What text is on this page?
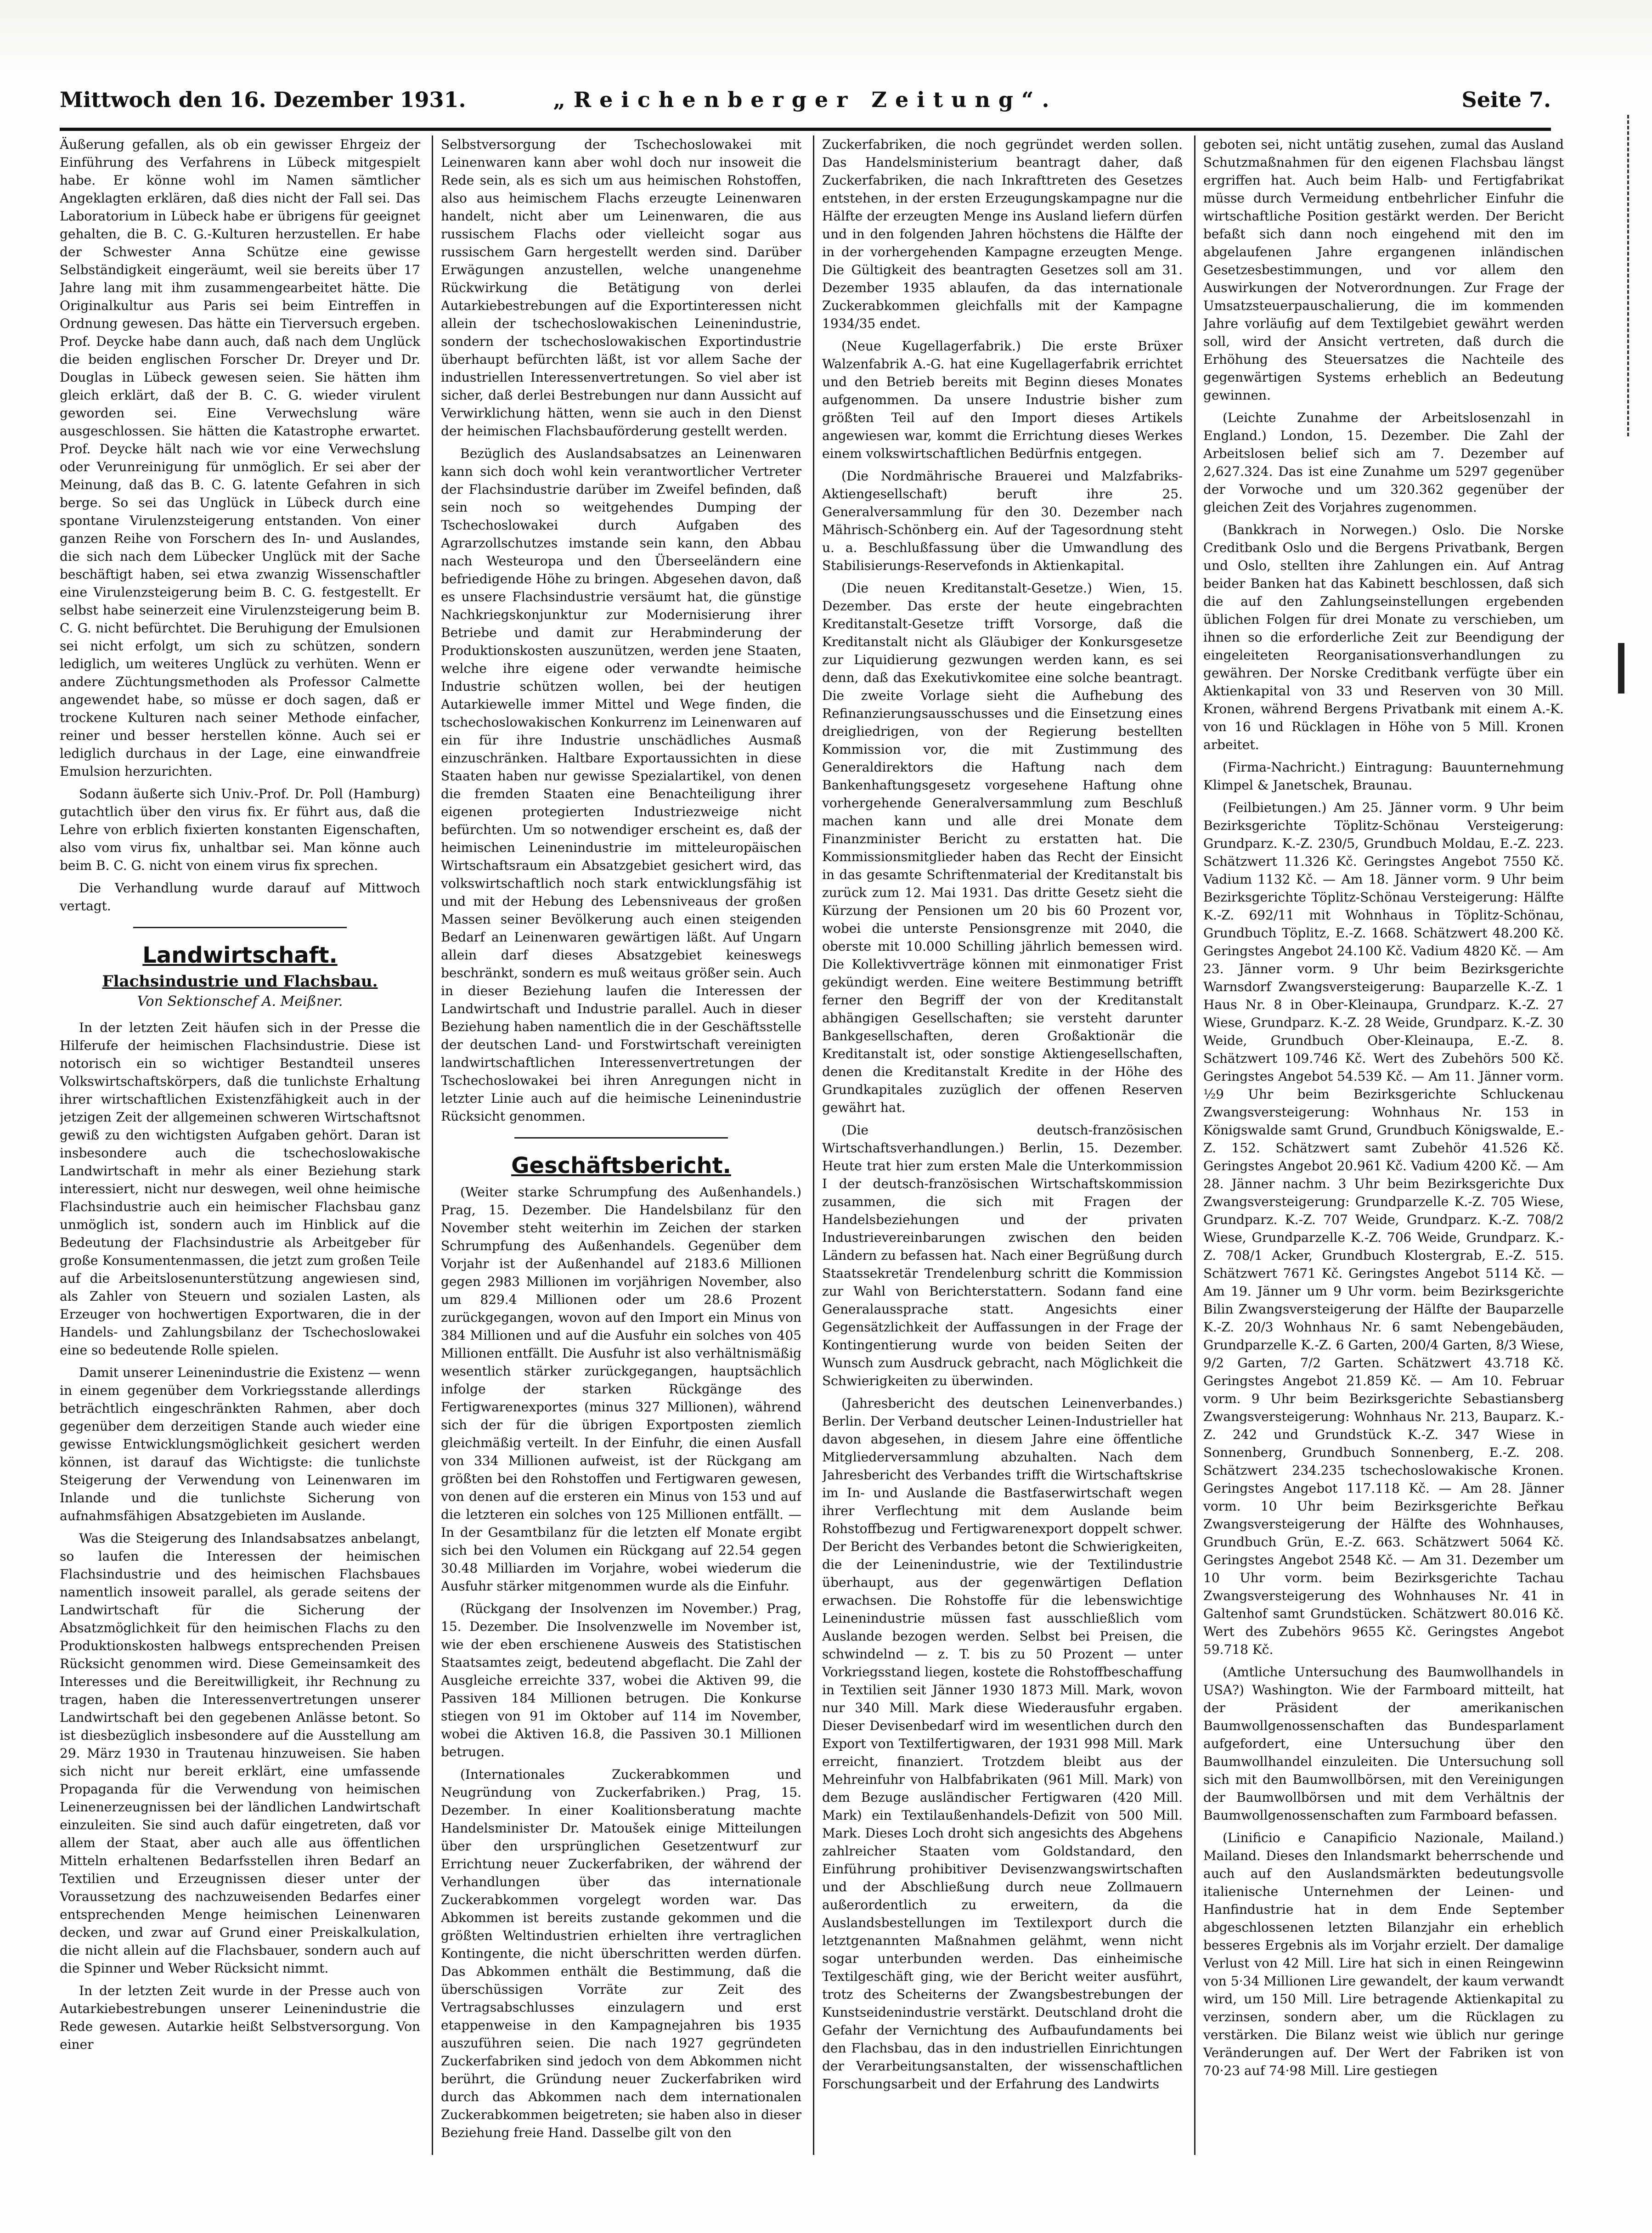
Mittwoch den 16. Dezember 1931.	„Reichenberger Zeitung“.	Seite 7.

Äußerung gefallen, als ob ein gewisser Ehrgeiz der Einführung des Verfahrens in Lübeck mitgespielt habe. Er könne wohl im Namen sämtlicher Angeklagten erklären, daß dies nicht der Fall sei. Das Laboratorium in Lübeck habe er übrigens für geeignet gehalten, die B. C. G.-Kulturen herzustellen. Er habe der Schwester Anna Schütze eine gewisse Selbständigkeit eingeräumt, weil sie bereits über 17 Jahre lang mit ihm zusammengearbeitet hätte. Die Originalkultur aus Paris sei beim Eintreffen in Ordnung gewesen. Das hätte ein Tierversuch ergeben. Prof. Deycke habe dann auch, daß nach dem Unglück die beiden englischen Forscher Dr. Dreyer und Dr. Douglas in Lübeck gewesen seien. Sie hätten ihm gleich erklärt, daß der B. C. G. wieder virulent geworden sei. Eine Verwechslung wäre ausgeschlossen. Sie hätten die Katastrophe erwartet. Prof. Deycke hält nach wie vor eine Verwechslung oder Verunreinigung für unmöglich. Er sei aber der Meinung, daß das B. C. G. latente Gefahren in sich berge. So sei das Unglück in Lübeck durch eine spontane Virulenzsteigerung entstanden. Von einer ganzen Reihe von Forschern des In- und Auslandes, die sich nach dem Lübecker Unglück mit der Sache beschäftigt haben, sei etwa zwanzig Wissenschaftler eine Virulenzsteigerung beim B. C. G. festgestellt. Er selbst habe seinerzeit eine Virulenzsteigerung beim B. C. G. nicht befürchtet. Die Beruhigung der Emulsionen sei nicht erfolgt, um sich zu schützen, sondern lediglich, um weiteres Unglück zu verhüten. Wenn er andere Züchtungsmethoden als Professor Calmette angewendet habe, so müsse er doch sagen, daß er trockene Kulturen nach seiner Methode einfacher, reiner und besser herstellen könne. Auch sei er lediglich durchaus in der Lage, eine einwandfreie Emulsion herzurichten.

Sodann äußerte sich Univ.-Prof. Dr. Poll (Hamburg) gutachtlich über den virus fix. Er führt aus, daß die Lehre von erblich fixierten konstanten Eigenschaften, also vom virus fix, unhaltbar sei. Man könne auch beim B. C. G. nicht von einem virus fix sprechen.

Die Verhandlung wurde darauf auf Mittwoch vertagt.

Landwirtschaft.
Flachsindustrie und Flachsbau.
Von Sektionschef A. Meißner.

In der letzten Zeit häufen sich in der Presse die Hilferufe der heimischen Flachsindustrie. Diese ist notorisch ein so wichtiger Bestandteil unseres Volkswirtschaftskörpers, daß die tunlichste Erhaltung ihrer wirtschaftlichen Existenzfähigkeit auch in der jetzigen Zeit der allgemeinen schweren Wirtschaftsnot gewiß zu den wichtigsten Aufgaben gehört. Daran ist insbesondere auch die tschechoslowakische Landwirtschaft in mehr als einer Beziehung stark interessiert, nicht nur deswegen, weil ohne heimische Flachsindustrie auch ein heimischer Flachsbau ganz unmöglich ist, sondern auch im Hinblick auf die Bedeutung der Flachsindustrie als Arbeitgeber für große Konsumentenmassen, die jetzt zum großen Teile auf die Arbeitslosenunterstützung angewiesen sind, als Zahler von Steuern und sozialen Lasten, als Erzeuger von hochwertigen Exportwaren, die in der Handels- und Zahlungsbilanz der Tschechoslowakei eine so bedeutende Rolle spielen.

Damit unserer Leinenindustrie die Existenz — wenn in einem gegenüber dem Vorkriegsstande allerdings beträchtlich eingeschränkten Rahmen, aber doch gegenüber dem derzeitigen Stande auch wieder eine gewisse Entwicklungsmöglichkeit gesichert werden können, ist darauf das Wichtigste: die tunlichste Steigerung der Verwendung von Leinenwaren im Inlande und die tunlichste Sicherung von aufnahmsfähigen Absatzgebieten im Auslande.

Was die Steigerung des Inlandsabsatzes anbelangt, so laufen die Interessen der heimischen Flachsindustrie und des heimischen Flachsbaues namentlich insoweit parallel, als gerade seitens der Landwirtschaft für die Sicherung der Absatzmöglichkeit für den heimischen Flachs zu den Produktionskosten halbwegs entsprechenden Preisen Rücksicht genommen wird. Diese Gemeinsamkeit des Interesses und die Bereitwilligkeit, ihr Rechnung zu tragen, haben die Interessenvertretungen unserer Landwirtschaft bei den gegebenen Anlässe betont. So ist diesbezüglich insbesondere auf die Ausstellung am 29. März 1930 in Trautenau hinzuweisen. Sie haben sich nicht nur bereit erklärt, eine umfassende Propaganda für die Verwendung von heimischen Leinenerzeugnissen bei der ländlichen Landwirtschaft einzuleiten. Sie sind auch dafür eingetreten, daß vor allem der Staat, aber auch alle aus öffentlichen Mitteln erhaltenen Bedarfsstellen ihren Bedarf an Textilien und Erzeugnissen dieser unter der Voraussetzung des nachzuweisenden Bedarfes einer entsprechenden Menge heimischen Leinenwaren decken, und zwar auf Grund einer Preiskalkulation, die nicht allein auf die Flachsbauer, sondern auch auf die Spinner und Weber Rücksicht nimmt.

In der letzten Zeit wurde in der Presse auch von Autarkiebestrebungen unserer Leinenindustrie die Rede gewesen. Autarkie heißt Selbstversorgung. Von einer

Selbstversorgung der Tschechoslowakei mit Leinenwaren kann aber wohl doch nur insoweit die Rede sein, als es sich um aus heimischen Rohstoffen, also aus heimischem Flachs erzeugte Leinenwaren handelt, nicht aber um Leinenwaren, die aus russischem Flachs oder vielleicht sogar aus russischem Garn hergestellt werden sind. Darüber Erwägungen anzustellen, welche unangenehme Rückwirkung die Betätigung von derlei Autarkiebestrebungen auf die Exportinteressen nicht allein der tschechoslowakischen Leinenindustrie, sondern der tschechoslowakischen Exportindustrie überhaupt befürchten läßt, ist vor allem Sache der industriellen Interessenvertretungen. So viel aber ist sicher, daß derlei Bestrebungen nur dann Aussicht auf Verwirklichung hätten, wenn sie auch in den Dienst der heimischen Flachsbauförderung gestellt werden.

Bezüglich des Auslandsabsatzes an Leinenwaren kann sich doch wohl kein verantwortlicher Vertreter der Flachsindustrie darüber im Zweifel befinden, daß sein noch so weitgehendes Dumping der Tschechoslowakei durch Aufgaben des Agrarzollschutzes imstande sein kann, den Abbau nach Westeuropa und den Überseeländern eine befriedigende Höhe zu bringen. Abgesehen davon, daß es unsere Flachsindustrie versäumt hat, die günstige Nachkriegskonjunktur zur Modernisierung ihrer Betriebe und damit zur Herabminderung der Produktionskosten auszunützen, werden jene Staaten, welche ihre eigene oder verwandte heimische Industrie schützen wollen, bei der heutigen Autarkiewelle immer Mittel und Wege finden, die tschechoslowakischen Konkurrenz im Leinenwaren auf ein für ihre Industrie unschädliches Ausmaß einzuschränken. Haltbare Exportaussichten in diese Staaten haben nur gewisse Spezialartikel, von denen die fremden Staaten eine Benachteiligung ihrer eigenen protegierten Industriezweige nicht befürchten. Um so notwendiger erscheint es, daß der heimischen Leinenindustrie im mitteleuropäischen Wirtschaftsraum ein Absatzgebiet gesichert wird, das volkswirtschaftlich noch stark entwicklungsfähig ist und mit der Hebung des Lebensniveaus der großen Massen seiner Bevölkerung auch einen steigenden Bedarf an Leinenwaren gewärtigen läßt. Auf Ungarn allein darf dieses Absatzgebiet keineswegs beschränkt, sondern es muß weitaus größer sein. Auch in dieser Beziehung laufen die Interessen der Landwirtschaft und Industrie parallel. Auch in dieser Beziehung haben namentlich die in der Geschäftsstelle der deutschen Land- und Forstwirtschaft vereinigten landwirtschaftlichen Interessenvertretungen der Tschechoslowakei bei ihren Anregungen nicht in letzter Linie auch auf die heimische Leinenindustrie Rücksicht genommen.

Geschäftsbericht.

(Weiter starke Schrumpfung des Außenhandels.) Prag, 15. Dezember. Die Handelsbilanz für den November steht weiterhin im Zeichen der starken Schrumpfung des Außenhandels. Gegenüber dem Vorjahr ist der Außenhandel auf 2183.6 Millionen gegen 2983 Millionen im vorjährigen November, also um 829.4 Millionen oder um 28.6 Prozent zurückgegangen, wovon auf den Import ein Minus von 384 Millionen und auf die Ausfuhr ein solches von 405 Millionen entfällt. Die Ausfuhr ist also verhältnismäßig wesentlich stärker zurückgegangen, hauptsächlich infolge der starken Rückgänge des Fertigwarenexportes (minus 327 Millionen), während sich der für die übrigen Exportposten ziemlich gleichmäßig verteilt. In der Einfuhr, die einen Ausfall von 334 Millionen aufweist, ist der Rückgang am größten bei den Rohstoffen und Fertigwaren gewesen, von denen auf die ersteren ein Minus von 153 und auf die letzteren ein solches von 125 Millionen entfällt. — In der Gesamtbilanz für die letzten elf Monate ergibt sich bei den Volumen ein Rückgang auf 22.54 gegen 30.48 Milliarden im Vorjahre, wobei wiederum die Ausfuhr stärker mitgenommen wurde als die Einfuhr.

(Rückgang der Insolvenzen im November.) Prag, 15. Dezember. Die Insolvenzwelle im November ist, wie der eben erschienene Ausweis des Statistischen Staatsamtes zeigt, bedeutend abgeflacht. Die Zahl der Ausgleiche erreichte 337, wobei die Aktiven 99, die Passiven 184 Millionen betrugen. Die Konkurse stiegen von 91 im Oktober auf 114 im November, wobei die Aktiven 16.8, die Passiven 30.1 Millionen betrugen.

(Internationales Zuckerabkommen und Neugründung von Zuckerfabriken.) Prag, 15. Dezember. In einer Koalitionsberatung machte Handelsminister Dr. Matoušek einige Mitteilungen über den ursprünglichen Gesetzentwurf zur Errichtung neuer Zuckerfabriken, der während der Verhandlungen über das internationale Zuckerabkommen vorgelegt worden war. Das Abkommen ist bereits zustande gekommen und die größten Weltindustrien erhielten ihre vertraglichen Kontingente, die nicht überschritten werden dürfen. Das Abkommen enthält die Bestimmung, daß die überschüssigen Vorräte zur Zeit des Vertragsabschlusses einzulagern und erst etappenweise in den Kampagnejahren bis 1935 auszuführen seien. Die nach 1927 gegründeten Zuckerfabriken sind jedoch von dem Abkommen nicht berührt, die Gründung neuer Zuckerfabriken wird durch das Abkommen nach dem internationalen Zuckerabkommen beigetreten; sie haben also in dieser Beziehung freie Hand. Dasselbe gilt von den

Zuckerfabriken, die noch gegründet werden sollen. Das Handelsministerium beantragt daher, daß Zuckerfabriken, die nach Inkrafttreten des Gesetzes entstehen, in der ersten Erzeugungskampagne nur die Hälfte der erzeugten Menge ins Ausland liefern dürfen und in den folgenden Jahren höchstens die Hälfte der in der vorhergehenden Kampagne erzeugten Menge. Die Gültigkeit des beantragten Gesetzes soll am 31. Dezember 1935 ablaufen, da das internationale Zuckerabkommen gleichfalls mit der Kampagne 1934/35 endet.

(Neue Kugellagerfabrik.) Die erste Brüxer Walzenfabrik A.-G. hat eine Kugellagerfabrik errichtet und den Betrieb bereits mit Beginn dieses Monates aufgenommen. Da unsere Industrie bisher zum größten Teil auf den Import dieses Artikels angewiesen war, kommt die Errichtung dieses Werkes einem volkswirtschaftlichen Bedürfnis entgegen.

(Die Nordmährische Brauerei und Malzfabriks-Aktiengesellschaft) beruft ihre 25. Generalversammlung für den 30. Dezember nach Mährisch-Schönberg ein. Auf der Tagesordnung steht u. a. Beschlußfassung über die Umwandlung des Stabilisierungs-Reservefonds in Aktienkapital.

(Die neuen Kreditanstalt-Gesetze.) Wien, 15. Dezember. Das erste der heute eingebrachten Kreditanstalt-Gesetze trifft Vorsorge, daß die Kreditanstalt nicht als Gläubiger der Konkursgesetze zur Liquidierung gezwungen werden kann, es sei denn, daß das Exekutivkomitee eine solche beantragt. Die zweite Vorlage sieht die Aufhebung des Refinanzierungsausschusses und die Einsetzung eines dreigliedrigen, von der Regierung bestellten Kommission vor, die mit Zustimmung des Generaldirektors die Haftung nach dem Bankenhaftungsgesetz vorgesehene Haftung ohne vorhergehende Generalversammlung zum Beschluß machen kann und alle drei Monate dem Finanzminister Bericht zu erstatten hat. Die Kommissionsmitglieder haben das Recht der Einsicht in das gesamte Schriftenmaterial der Kreditanstalt bis zurück zum 12. Mai 1931. Das dritte Gesetz sieht die Kürzung der Pensionen um 20 bis 60 Prozent vor, wobei die unterste Pensionsgrenze mit 2040, die oberste mit 10.000 Schilling jährlich bemessen wird. Die Kollektivverträge können mit einmonatiger Frist gekündigt werden. Eine weitere Bestimmung betrifft ferner den Begriff der von der Kreditanstalt abhängigen Gesellschaften; sie versteht darunter Bankgesellschaften, deren Großaktionär die Kreditanstalt ist, oder sonstige Aktiengesellschaften, denen die Kreditanstalt Kredite in der Höhe des Grundkapitales zuzüglich der offenen Reserven gewährt hat.

(Die deutsch-französischen Wirtschaftsverhandlungen.) Berlin, 15. Dezember. Heute trat hier zum ersten Male die Unterkommission I der deutsch-französischen Wirtschaftskommission zusammen, die sich mit Fragen der Handelsbeziehungen und der privaten Industrievereinbarungen zwischen den beiden Ländern zu befassen hat. Nach einer Begrüßung durch Staatssekretär Trendelenburg schritt die Kommission zur Wahl von Berichterstattern. Sodann fand eine Generalaussprache statt. Angesichts einer Gegensätzlichkeit der Auffassungen in der Frage der Kontingentierung wurde von beiden Seiten der Wunsch zum Ausdruck gebracht, nach Möglichkeit die Schwierigkeiten zu überwinden.

(Jahresbericht des deutschen Leinenverbandes.) Berlin. Der Verband deutscher Leinen-Industrieller hat davon abgesehen, in diesem Jahre eine öffentliche Mitgliederversammlung abzuhalten. Nach dem Jahresbericht des Verbandes trifft die Wirtschaftskrise im In- und Auslande die Bastfaserwirtschaft wegen ihrer Verflechtung mit dem Auslande beim Rohstoffbezug und Fertigwarenexport doppelt schwer. Der Bericht des Verbandes betont die Schwierigkeiten, die der Leinenindustrie, wie der Textilindustrie überhaupt, aus der gegenwärtigen Deflation erwachsen. Die Rohstoffe für die lebenswichtige Leinenindustrie müssen fast ausschließlich vom Auslande bezogen werden. Selbst bei Preisen, die schwindelnd — z. T. bis zu 50 Prozent — unter Vorkriegsstand liegen, kostete die Rohstoffbeschaffung in Textilien seit Jänner 1930 1873 Mill. Mark, wovon nur 340 Mill. Mark diese Wiederausfuhr ergaben. Dieser Devisenbedarf wird im wesentlichen durch den Export von Textilfertigwaren, der 1931 998 Mill. Mark erreicht, finanziert. Trotzdem bleibt aus der Mehreinfuhr von Halbfabrikaten (961 Mill. Mark) von dem Bezuge ausländischer Fertigwaren (420 Mill. Mark) ein Textilaußenhandels-Defizit von 500 Mill. Mark. Dieses Loch droht sich angesichts des Abgehens zahlreicher Staaten vom Goldstandard, den Einführung prohibitiver Devisenzwangswirtschaften und der Abschließung durch neue Zollmauern außerordentlich zu erweitern, da die Auslandsbestellungen im Textilexport durch die letztgenannten Maßnahmen gelähmt, wenn nicht sogar unterbunden werden. Das einheimische Textilgeschäft ging, wie der Bericht weiter ausführt, trotz des Scheiterns der Zwangsbestrebungen der Kunstseidenindustrie verstärkt. Deutschland droht die Gefahr der Vernichtung des Aufbaufundaments bei den Flachsbau, das in den industriellen Einrichtungen der Verarbeitungsanstalten, der wissenschaftlichen Forschungsarbeit und der Erfahrung des Landwirts

geboten sei, nicht untätig zusehen, zumal das Ausland Schutzmaßnahmen für den eigenen Flachsbau längst ergriffen hat. Auch beim Halb- und Fertigfabrikat müsse durch Vermeidung entbehrlicher Einfuhr die wirtschaftliche Position gestärkt werden. Der Bericht befaßt sich dann noch eingehend mit den im abgelaufenen Jahre ergangenen inländischen Gesetzesbestimmungen, und vor allem den Auswirkungen der Notverordnungen. Zur Frage der Umsatzsteuerpauschalierung, die im kommenden Jahre vorläufig auf dem Textilgebiet gewährt werden soll, wird der Ansicht vertreten, daß durch die Erhöhung des Steuersatzes die Nachteile des gegenwärtigen Systems erheblich an Bedeutung gewinnen.

(Leichte Zunahme der Arbeitslosenzahl in England.) London, 15. Dezember. Die Zahl der Arbeitslosen belief sich am 7. Dezember auf 2,627.324. Das ist eine Zunahme um 5297 gegenüber der Vorwoche und um 320.362 gegenüber der gleichen Zeit des Vorjahres zugenommen.

(Bankkrach in Norwegen.) Oslo. Die Norske Creditbank Oslo und die Bergens Privatbank, Bergen und Oslo, stellten ihre Zahlungen ein. Auf Antrag beider Banken hat das Kabinett beschlossen, daß sich die auf den Zahlungseinstellungen ergebenden üblichen Folgen für drei Monate zu verschieben, um ihnen so die erforderliche Zeit zur Beendigung der eingeleiteten Reorganisationsverhandlungen zu gewähren. Der Norske Creditbank verfügte über ein Aktienkapital von 33 und Reserven von 30 Mill. Kronen, während Bergens Privatbank mit einem A.-K. von 16 und Rücklagen in Höhe von 5 Mill. Kronen arbeitet.

(Firma-Nachricht.) Eintragung: Bauunternehmung Klimpel & Janetschek, Braunau.

(Feilbietungen.) Am 25. Jänner vorm. 9 Uhr beim Bezirksgerichte Töplitz-Schönau Versteigerung: Grundparz. K.-Z. 230/5, Grundbuch Moldau, E.-Z. 223. Schätzwert 11.326 Kč. Geringstes Angebot 7550 Kč. Vadium 1132 Kč. — Am 18. Jänner vorm. 9 Uhr beim Bezirksgerichte Töplitz-Schönau Versteigerung: Hälfte K.-Z. 692/11 mit Wohnhaus in Töplitz-Schönau, Grundbuch Töplitz, E.-Z. 1668. Schätzwert 48.200 Kč. Geringstes Angebot 24.100 Kč. Vadium 4820 Kč. — Am 23. Jänner vorm. 9 Uhr beim Bezirksgerichte Warnsdorf Zwangsversteigerung: Bauparzelle K.-Z. 1 Haus Nr. 8 in Ober-Kleinaupa, Grundparz. K.-Z. 27 Wiese, Grundparz. K.-Z. 28 Weide, Grundparz. K.-Z. 30 Weide, Grundbuch Ober-Kleinaupa, E.-Z. 8. Schätzwert 109.746 Kč. Wert des Zubehörs 500 Kč. Geringstes Angebot 54.539 Kč. — Am 11. Jänner vorm. ½9 Uhr beim Bezirksgerichte Schluckenau Zwangsversteigerung: Wohnhaus Nr. 153 in Königswalde samt Grund, Grundbuch Königswalde, E.-Z. 152. Schätzwert samt Zubehör 41.526 Kč. Geringstes Angebot 20.961 Kč. Vadium 4200 Kč. — Am 28. Jänner nachm. 3 Uhr beim Bezirksgerichte Dux Zwangsversteigerung: Grundparzelle K.-Z. 705 Wiese, Grundparz. K.-Z. 707 Weide, Grundparz. K.-Z. 708/2 Wiese, Grundparzelle K.-Z. 706 Weide, Grundparz. K.-Z. 708/1 Acker, Grundbuch Klostergrab, E.-Z. 515. Schätzwert 7671 Kč. Geringstes Angebot 5114 Kč. — Am 19. Jänner um 9 Uhr vorm. beim Bezirksgerichte Bilin Zwangsversteigerung der Hälfte der Bauparzelle K.-Z. 20/3 Wohnhaus Nr. 6 samt Nebengebäuden, Grundparzelle K.-Z. 6 Garten, 200/4 Garten, 8/3 Wiese, 9/2 Garten, 7/2 Garten. Schätzwert 43.718 Kč. Geringstes Angebot 21.859 Kč. — Am 10. Februar vorm. 9 Uhr beim Bezirksgerichte Sebastiansberg Zwangsversteigerung: Wohnhaus Nr. 213, Bauparz. K.-Z. 242 und Grundstück K.-Z. 347 Wiese in Sonnenberg, Grundbuch Sonnenberg, E.-Z. 208. Schätzwert 234.235 tschechoslowakische Kronen. Geringstes Angebot 117.118 Kč. — Am 28. Jänner vorm. 10 Uhr beim Bezirksgerichte Beřkau Zwangsversteigerung der Hälfte des Wohnhauses, Grundbuch Grün, E.-Z. 663. Schätzwert 5064 Kč. Geringstes Angebot 2548 Kč. — Am 31. Dezember um 10 Uhr vorm. beim Bezirksgerichte Tachau Zwangsversteigerung des Wohnhauses Nr. 41 in Galtenhof samt Grundstücken. Schätzwert 80.016 Kč. Wert des Zubehörs 9655 Kč. Geringstes Angebot 59.718 Kč.

(Amtliche Untersuchung des Baumwollhandels in USA?) Washington. Wie der Farmboard mitteilt, hat der Präsident der amerikanischen Baumwollgenossenschaften das Bundesparlament aufgefordert, eine Untersuchung über den Baumwollhandel einzuleiten. Die Untersuchung soll sich mit den Baumwollbörsen, mit den Vereinigungen der Baumwollbörsen und mit dem Verhältnis der Baumwollgenossenschaften zum Farmboard befassen.

(Linificio e Canapificio Nazionale, Mailand.) Mailand. Dieses den Inlandsmarkt beherrschende und auch auf den Auslandsmärkten bedeutungsvolle italienische Unternehmen der Leinen- und Hanfindustrie hat in dem Ende September abgeschlossenen letzten Bilanzjahr ein erheblich besseres Ergebnis als im Vorjahr erzielt. Der damalige Verlust von 42 Mill. Lire hat sich in einen Reingewinn von 5·34 Millionen Lire gewandelt, der kaum verwandt wird, um 150 Mill. Lire betragende Aktienkapital zu verzinsen, sondern aber, um die Rücklagen zu verstärken. Die Bilanz weist wie üblich nur geringe Veränderungen auf. Der Wert der Fabriken ist von 70·23 auf 74·98 Mill. Lire gestiegen
